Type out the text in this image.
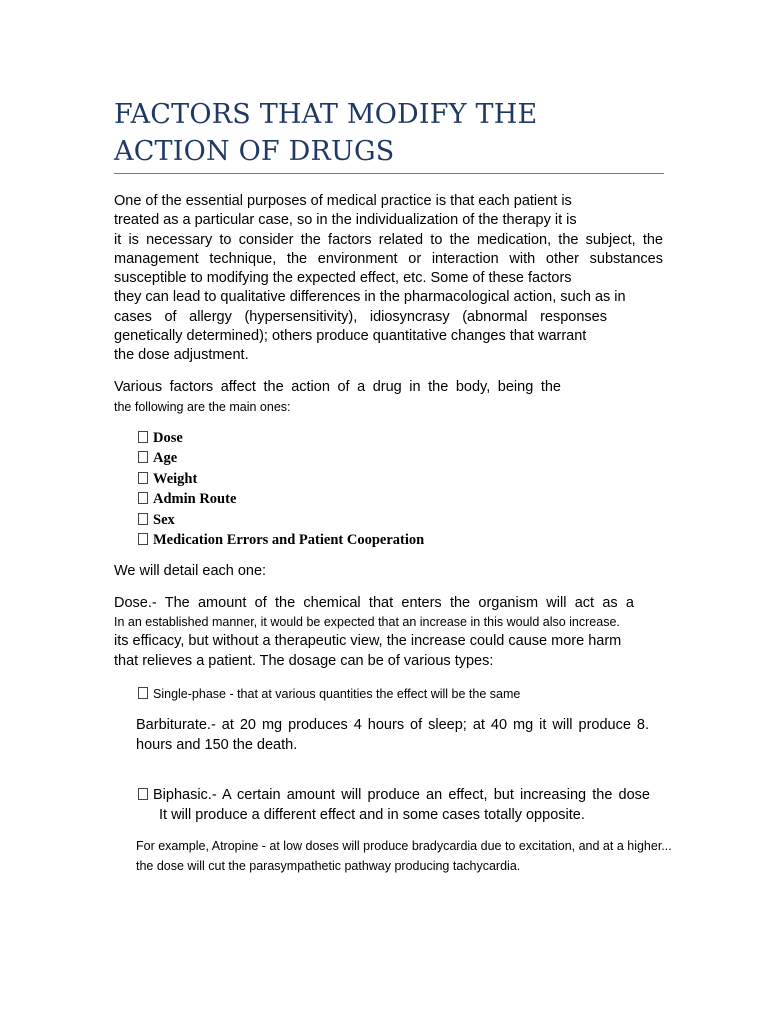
FACTORS THAT MODIFY THE
ACTION OF DRUGS
One of the essential purposes of medical practice is that each patient is
treated as a particular case, so in the individualization of the therapy it is
it is necessary to consider the factors related to the medication, the subject, the
management technique, the environment or interaction with other substances
susceptible to modifying the expected effect, etc. Some of these factors
they can lead to qualitative differences in the pharmacological action, such as in
cases of allergy (hypersensitivity), idiosyncrasy (abnormal responses
genetically determined); others produce quantitative changes that warrant
the dose adjustment.
Various factors affect the action of a drug in the body, being the
the following are the main ones:
Dose
Age
Weight
Admin Route
Sex
Medication Errors and Patient Cooperation
We will detail each one:
Dose.- The amount of the chemical that enters the organism will act as a
In an established manner, it would be expected that an increase in this would also increase.
its efficacy, but without a therapeutic view, the increase could cause more harm
that relieves a patient. The dosage can be of various types:
Single-phase - that at various quantities the effect will be the same
Barbiturate.- at 20 mg produces 4 hours of sleep; at 40 mg it will produce 8.
hours and 150 the death.
Biphasic.- A certain amount will produce an effect, but increasing the dose
It will produce a different effect and in some cases totally opposite.
For example, Atropine - at low doses will produce bradycardia due to excitation, and at a higher...
the dose will cut the parasympathetic pathway producing tachycardia.
